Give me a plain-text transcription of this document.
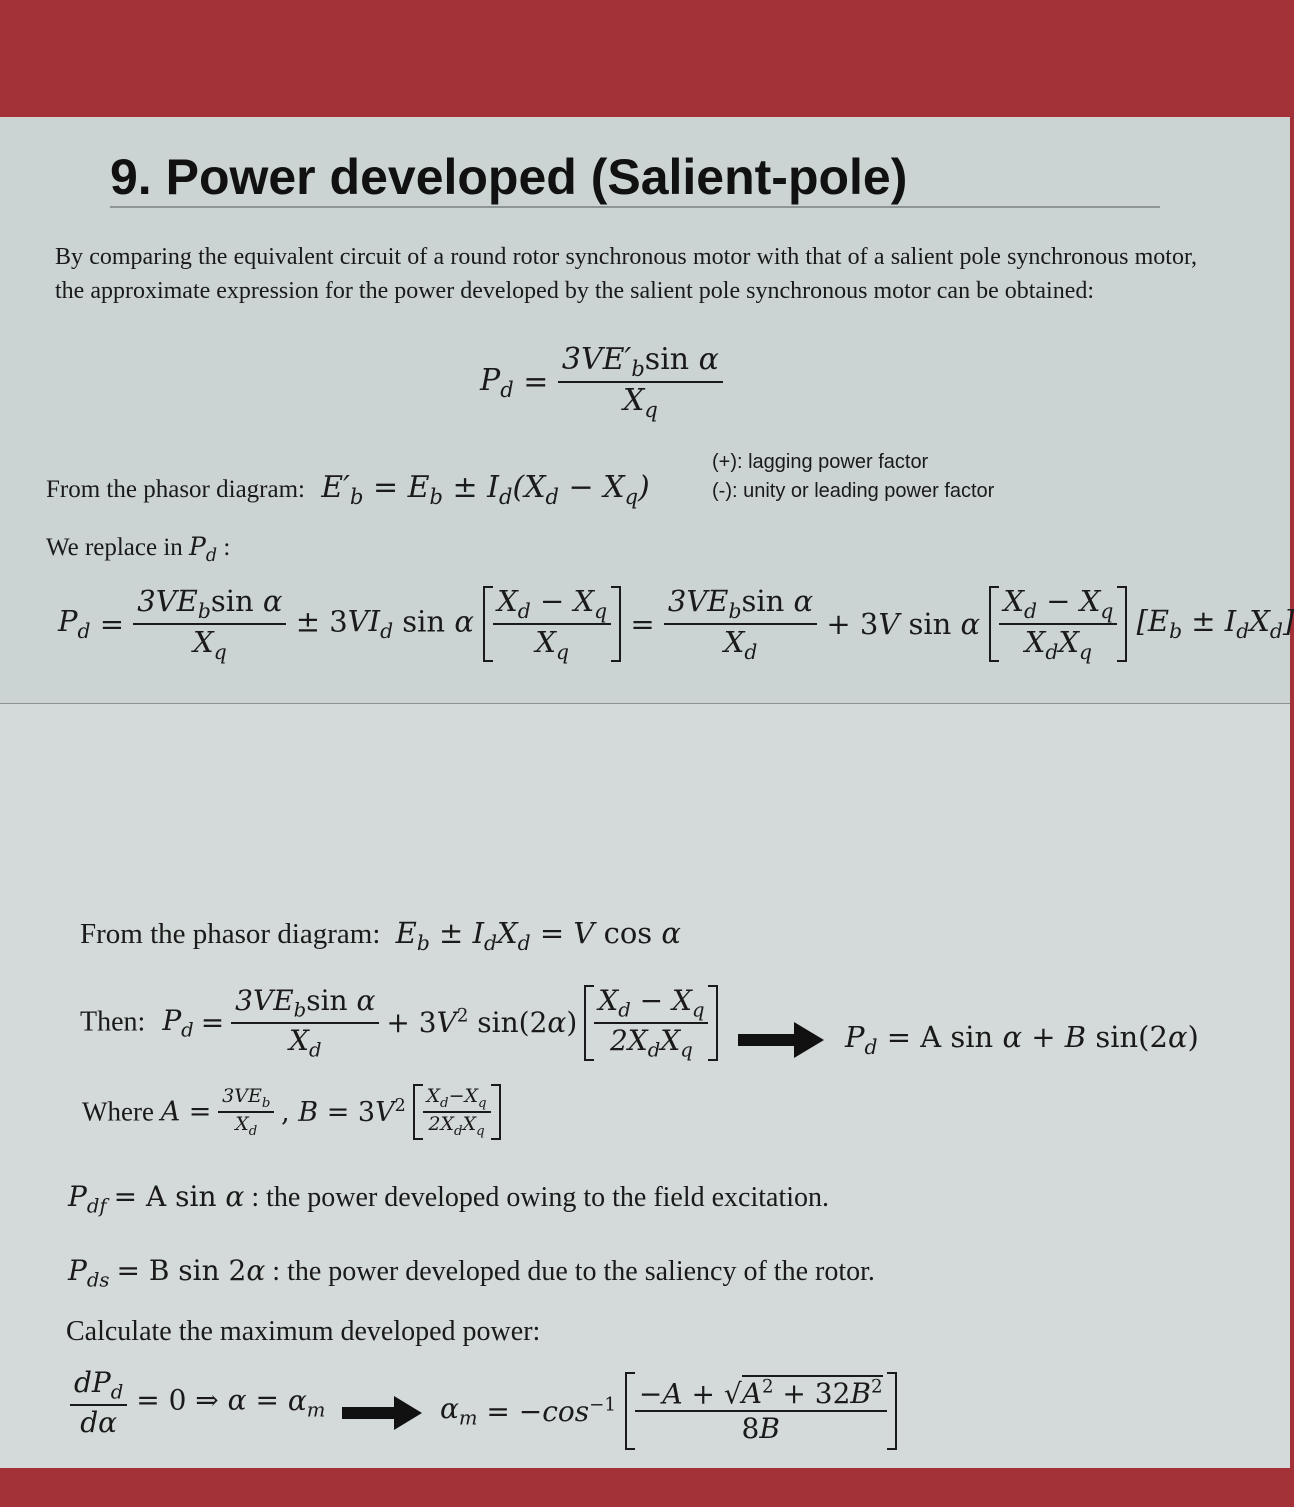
9. Power developed (Salient-pole)
By comparing the equivalent circuit of a round rotor synchronous motor with that of a salient pole synchronous motor, the approximate expression for the power developed by the salient pole synchronous motor can be obtained:
$P_d = \frac{3VE'_b\sin \alpha}{X_q}$
From the phasor diagram: $E'_b = E_b \pm I_d(X_d - X_q)$
(+): lagging power factor
(-): unity or leading power factor
We replace in $P_d$ :
$P_d = \frac{3VE_b\sin \alpha}{X_q} \pm 3VI_d$ sin α $\frac{X_d - X_q}{X_q} = \frac{3VE_b\sin \alpha}{X_d} + 3V$ sin α $\frac{X_d - X_q}{X_dX_q} [E_b \pm I_dX_d]$
From the phasor diagram: $E_b \pm I_dX_d = V$ cos α
Then: $P_d = \frac{3VE_b\sin \alpha}{X_d} + 3V^2$ $\sin(2\alpha) \frac{X_d - X_q}{2X_dX_q}$	$P_d = A$ sin α + B sin(2α)
Where $A = \frac{3VE_b}{X_d}$ , $B = 3V^2 \frac{X_d-X_q}{2X_dX_q}$
$P_{df} = A$ sin α : the power developed owing to the field excitation.
$P_{ds} = B$ sin 2α : the power developed due to the saliency of the rotor.
Calculate the maximum developed power:
$\frac{dP_d}{d\alpha} = 0$ ⇒ $\alpha = \alpha_m$	$\alpha_m = -\cos^{-1} \frac{-A + √A^2 + 32B^2}{8B}$
